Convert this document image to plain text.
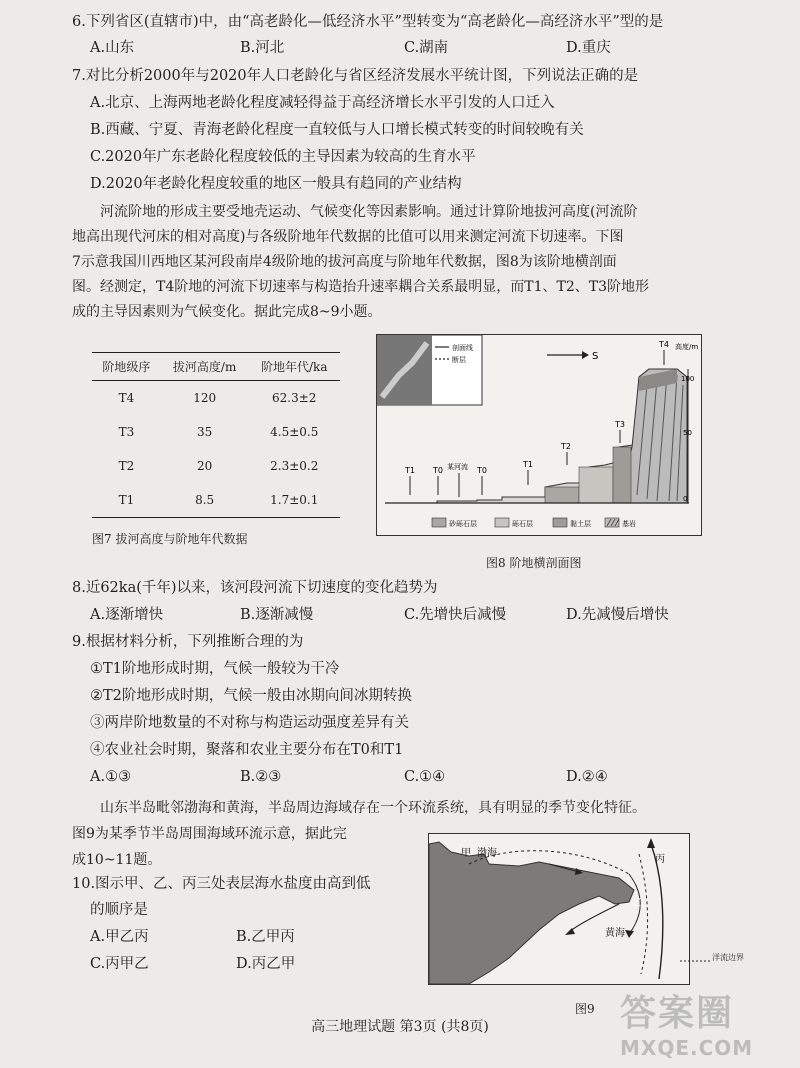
6.下列省区(直辖市)中，由“高老龄化—低经济水平”型转变为“高老龄化—高经济水平”型的是
A.山东	B.河北	C.湖南	D.重庆
7.对比分析2000年与2020年人口老龄化与省区经济发展水平统计图，下列说法正确的是
A.北京、上海两地老龄化程度减轻得益于高经济增长水平引发的人口迁入
B.西藏、宁夏、青海老龄化程度一直较低与人口增长模式转变的时间较晚有关
C.2020年广东老龄化程度较低的主导因素为较高的生育水平
D.2020年老龄化程度较重的地区一般具有趋同的产业结构
河流阶地的形成主要受地壳运动、气候变化等因素影响。通过计算阶地拔河高度(河流阶
地高出现代河床的相对高度)与各级阶地年代数据的比值可以用来测定河流下切速率。下图
7示意我国川西地区某河段南岸4级阶地的拔河高度与阶地年代数据，图8为该阶地横剖面
图。经测定，T4阶地的河流下切速率与构造抬升速率耦合关系最明显，而T1、T2、T3阶地形
成的主导因素则为气候变化。据此完成8~9小题。
阶地级序	拔河高度/m	阶地年代/ka
T4	120	62.3±2
T3	35	4.5±0.5
T2	20	2.3±0.2
T1	8.5	1.7±0.1
图7 拔河高度与阶地年代数据
剖面线
断层	S
高度/m
100
50
0
T4
T3
T2
T1
T1 T0	T0
某河流
砂砾石层	砾石层	黏土层	基岩
图8 阶地横剖面图
8.近62ka(千年)以来，该河段河流下切速度的变化趋势为
A.逐渐增快	B.逐渐减慢	C.先增快后减慢	D.先减慢后增快
9.根据材料分析，下列推断合理的为
①T1阶地形成时期，气候一般较为干冷
②T2阶地形成时期，气候一般由冰期向间冰期转换
③两岸阶地数量的不对称与构造运动强度差异有关
④农业社会时期，聚落和农业主要分布在T0和T1
A.①③	B.②③	C.①④	D.②④
山东半岛毗邻渤海和黄海，半岛周边海域存在一个环流系统，具有明显的季节变化特征。
图9为某季节半岛周围海域环流示意，据此完
成10~11题。
10.图示甲、乙、丙三处表层海水盐度由高到低
的顺序是
A.甲乙丙	B.乙甲丙
C.丙甲乙	D.丙乙甲
甲 渤海
乙
丙
黄海
洋流边界
图9
高三地理试题 第3页 (共8页)	答案圈
MXQE.COM
